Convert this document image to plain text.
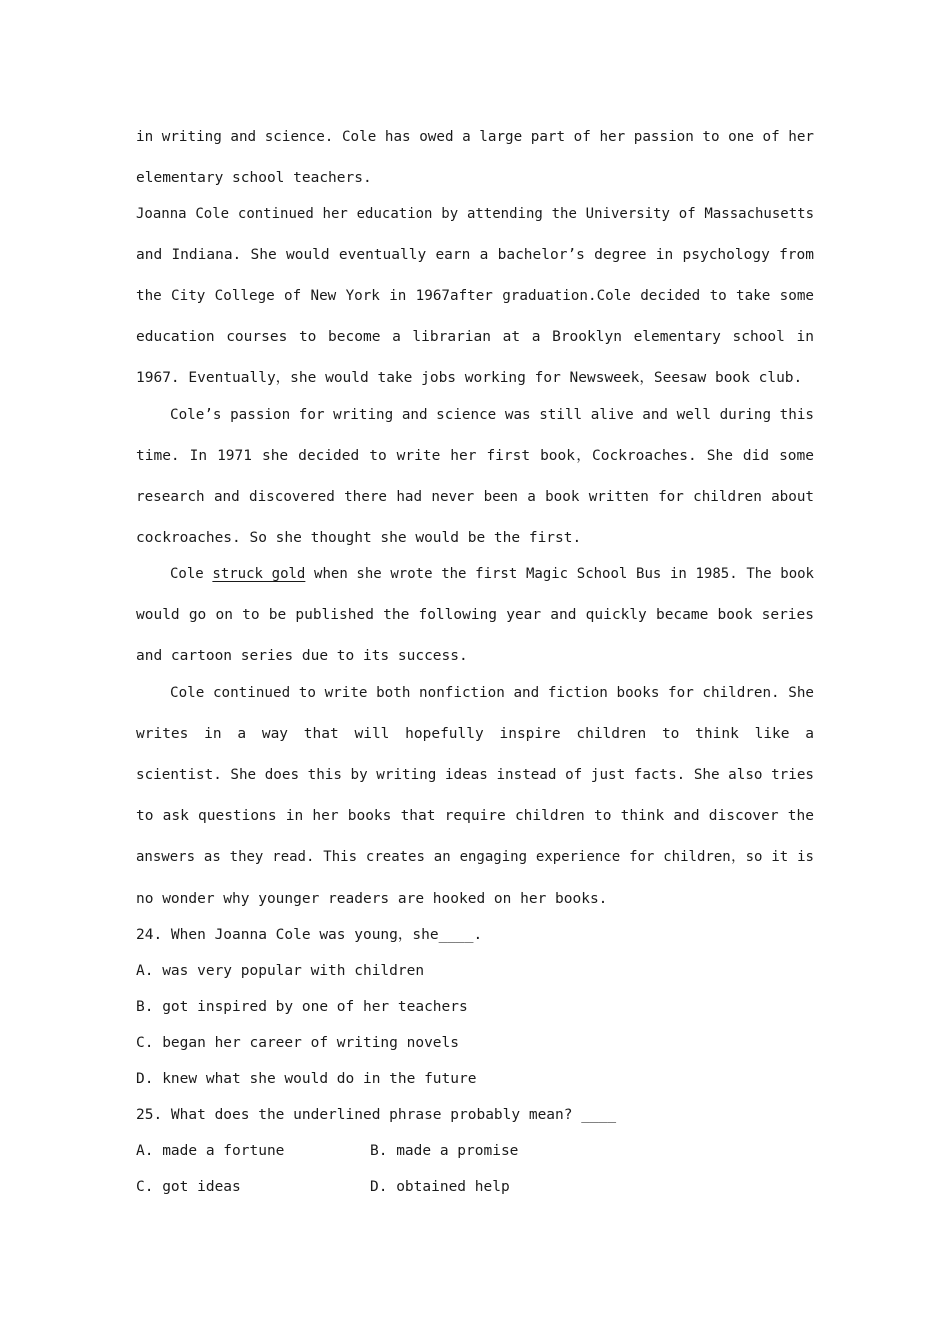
in writing and science. Cole has owed a large part of her passion to one of her
elementary school teachers.
Joanna Cole continued her education by attending the University of Massachusetts
and Indiana. She would eventually earn a bachelor’s degree in psychology from
the City College of New York in 1967after graduation.Cole decided to take some
education courses to become a librarian at a Brooklyn elementary school in
1967. Eventually，she would take jobs working for Newsweek，Seesaw book club.
Cole’s passion for writing and science was still alive and well during this
time. In 1971 she decided to write her first book，Cockroaches. She did some
research and discovered there had never been a book written for children about
cockroaches. So she thought she would be the first.
Cole struck gold when she wrote the first Magic School Bus in 1985. The book
would go on to be published the following year and quickly became book series
and cartoon series due to its success.
Cole continued to write both nonfiction and fiction books for children. She
writes in a way that will hopefully inspire children to think like a
scientist. She does this by writing ideas instead of just facts. She also tries
to ask questions in her books that require children to think and discover the
answers as they read. This creates an engaging experience for children，so it is
no wonder why younger readers are hooked on her books.
24. When Joanna Cole was young，she____.
A. was very popular with children
B. got inspired by one of her teachers
C. began her career of writing novels
D. knew what she would do in the future
25. What does the underlined phrase probably mean? ____
A. made a fortune	B. made a promise
C. got ideas	D. obtained help
